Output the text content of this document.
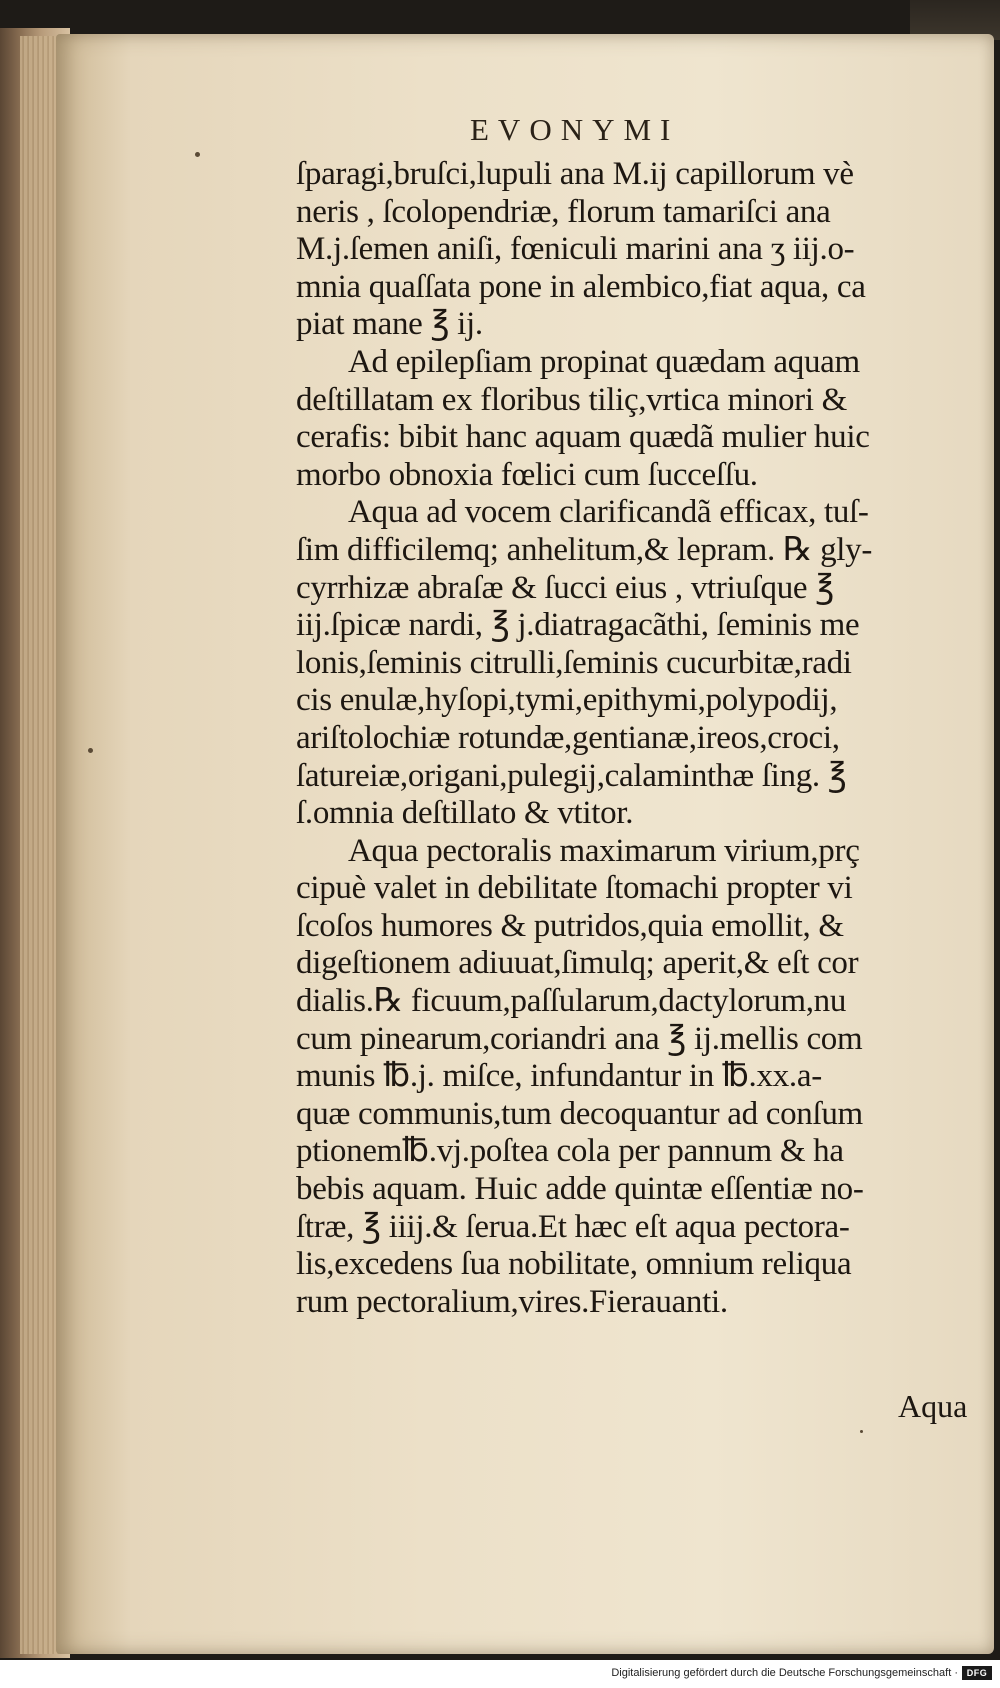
EVONYMI
ſparagi,bruſci,lupuli ana M.ij capillorum vè
neris , ſcolopendriæ, florum tamariſci ana
M.j.ſemen aniſi, fœniculi marini ana ʒ iij.o-
mnia quaſſata pone in alembico,fiat aqua, ca
piat mane ℥ ij.
Ad epilepſiam propinat quædam aquam
deſtillatam ex floribus tiliç,vrtica minori &
cerafis: bibit hanc aquam quædã mulier huic
morbo obnoxia fœlici cum ſucceſſu.
Aqua ad vocem clarificandã efficax, tuſ-
ſim difficilemq; anhelitum,& lepram. ℞ gly-
cyrrhizæ abraſæ & ſucci eius , vtriuſque ℥
iij.ſpicæ nardi, ℥ j.diatragacãthi, ſeminis me
lonis,ſeminis citrulli,ſeminis cucurbitæ,radi
cis enulæ,hyſopi,tymi,epithymi,polypodij,
ariſtolochiæ rotundæ,gentianæ,ireos,croci,
ſatureiæ,origani,pulegij,calaminthæ ſing. ℥
ſ.omnia deſtillato & vtitor.
Aqua pectoralis maximarum virium,prç
cipuè valet in debilitate ſtomachi propter vi
ſcoſos humores & putridos,quia emollit, &
digeſtionem adiuuat,ſimulq; aperit,& eſt cor
dialis.℞ ficuum,paſſularum,dactylorum,nu
cum pinearum,coriandri ana ℥ ij.mellis com
munis ℔.j. miſce, infundantur in ℔.xx.a-
quæ communis,tum decoquantur ad conſum
ptionem℔.vj.poſtea cola per pannum & ha
bebis aquam. Huic adde quintæ eſſentiæ no-
ſtræ, ℥ iiij.& ſerua.Et hæc eſt aqua pectora-
lis,excedens ſua nobilitate, omnium reliqua
rum pectoralium,vires.Fierauanti.
Aqua
Digitalisierung gefördert durch die Deutsche Forschungsgemeinschaft · DFG
